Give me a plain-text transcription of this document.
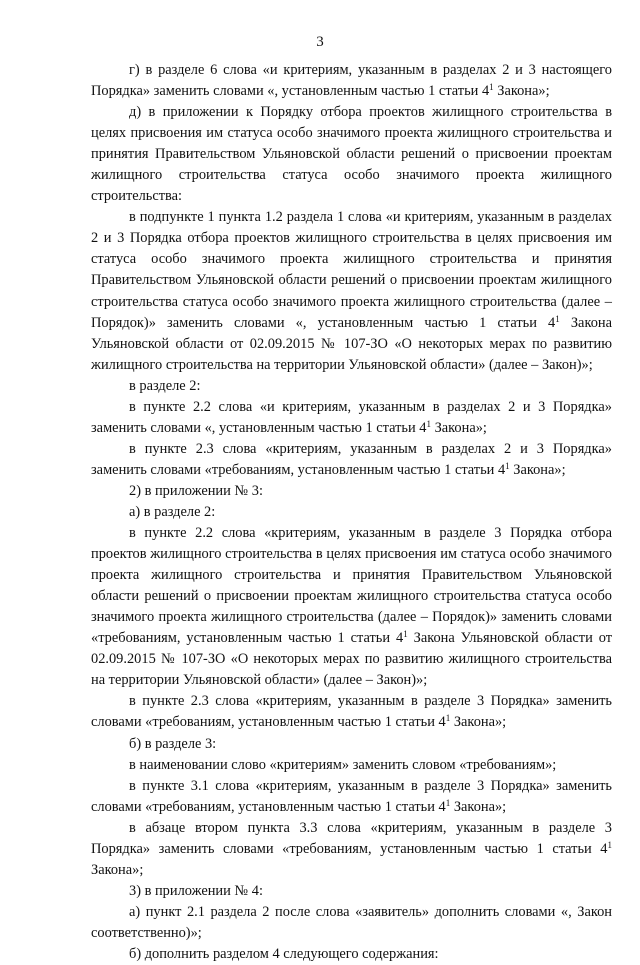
3

г) в разделе 6 слова «и критериям, указанным в разделах 2 и 3 настоящего Порядка» заменить словами «, установленным частью 1 статьи $4^1$ Закона»;

д) в приложении к Порядку отбора проектов жилищного строительства в целях присвоения им статуса особо значимого проекта жилищного строительства и принятия Правительством Ульяновской области решений о присвоении проектам жилищного строительства статуса особо значимого проекта жилищного строительства:

в подпункте 1 пункта 1.2 раздела 1 слова «и критериям, указанным в разделах 2 и 3 Порядка отбора проектов жилищного строительства в целях присвоения им статуса особо значимого проекта жилищного строительства и принятия Правительством Ульяновской области решений о присвоении проектам жилищного строительства статуса особо значимого проекта жилищного строительства (далее – Порядок)» заменить словами «, установленным частью 1 статьи $4^1$ Закона Ульяновской области от 02.09.2015 № 107-ЗО «О некоторых мерах по развитию жилищного строительства на территории Ульяновской области» (далее – Закон)»;

в разделе 2:

в пункте 2.2 слова «и критериям, указанным в разделах 2 и 3 Порядка» заменить словами «, установленным частью 1 статьи $4^1$ Закона»;

в пункте 2.3 слова «критериям, указанным в разделах 2 и 3 Порядка» заменить словами «требованиям, установленным частью 1 статьи $4^1$ Закона»;

2) в приложении № 3:

а) в разделе 2:

в пункте 2.2 слова «критериям, указанным в разделе 3 Порядка отбора проектов жилищного строительства в целях присвоения им статуса особо значимого проекта жилищного строительства и принятия Правительством Ульяновской области решений о присвоении проектам жилищного строительства статуса особо значимого проекта жилищного строительства (далее – Порядок)» заменить словами «требованиям, установленным частью 1 статьи $4^1$ Закона Ульяновской области от 02.09.2015 № 107-ЗО «О некоторых мерах по развитию жилищного строительства на территории Ульяновской области» (далее – Закон)»;

в пункте 2.3 слова «критериям, указанным в разделе 3 Порядка» заменить словами «требованиям, установленным частью 1 статьи $4^1$ Закона»;

б) в разделе 3:

в наименовании слово «критериям» заменить словом «требованиям»;

в пункте 3.1 слова «критериям, указанным в разделе 3 Порядка» заменить словами «требованиям, установленным частью 1 статьи $4^1$ Закона»;

в абзаце втором пункта 3.3 слова «критериям, указанным в разделе 3 Порядка» заменить словами «требованиям, установленным частью 1 статьи $4^1$ Закона»;

3) в приложении № 4:

а) пункт 2.1 раздела 2 после слова «заявитель» дополнить словами «, Закон соответственно)»;

б) дополнить разделом 4 следующего содержания:
